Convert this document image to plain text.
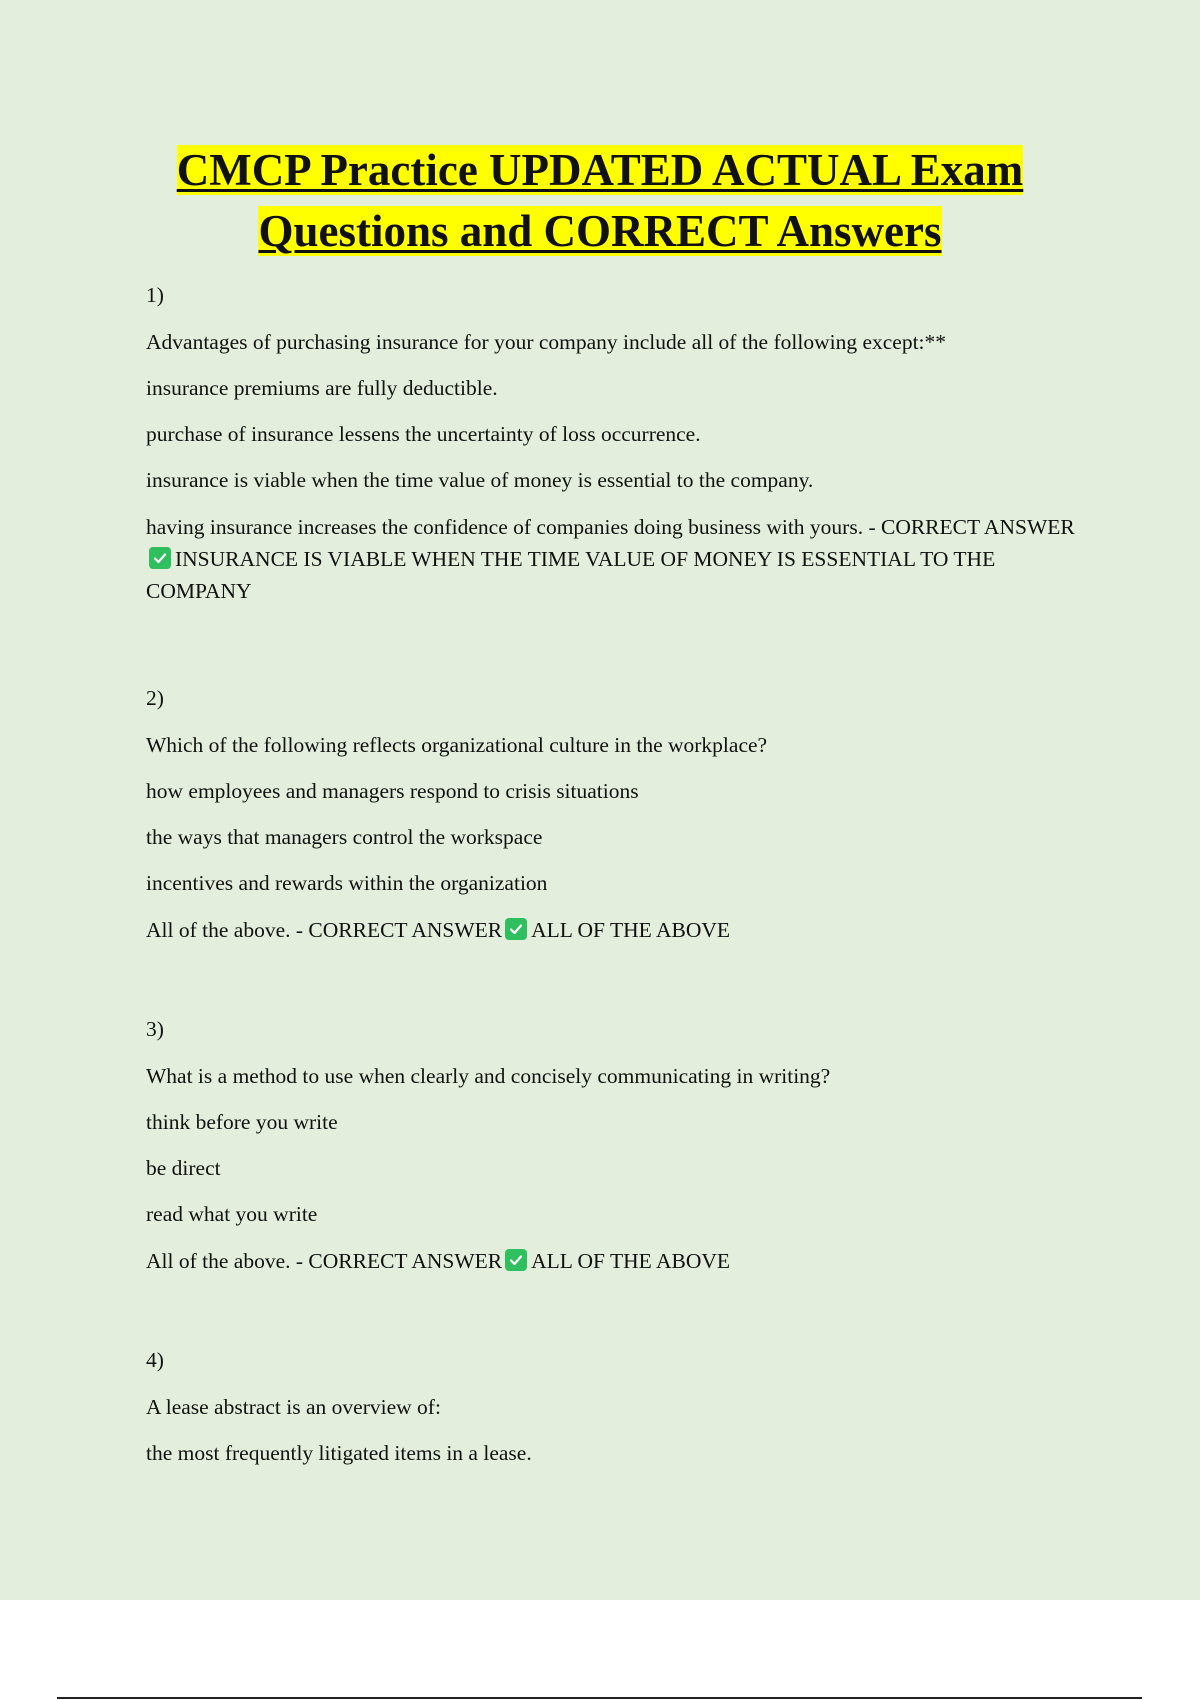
CMCP Practice UPDATED ACTUAL Exam
Questions and CORRECT Answers
1)
Advantages of purchasing insurance for your company include all of the following except:**
insurance premiums are fully deductible.
purchase of insurance lessens the uncertainty of loss occurrence.
insurance is viable when the time value of money is essential to the company.
having insurance increases the confidence of companies doing business with yours. - CORRECT ANSWER
INSURANCE IS VIABLE WHEN THE TIME VALUE OF MONEY IS ESSENTIAL TO THE COMPANY
2)
Which of the following reflects organizational culture in the workplace?
how employees and managers respond to crisis situations
the ways that managers control the workspace
incentives and rewards within the organization
All of the above. - CORRECT ANSWER ALL OF THE ABOVE
3)
What is a method to use when clearly and concisely communicating in writing?
think before you write
be direct
read what you write
All of the above. - CORRECT ANSWER ALL OF THE ABOVE
4)
A lease abstract is an overview of:
the most frequently litigated items in a lease.
